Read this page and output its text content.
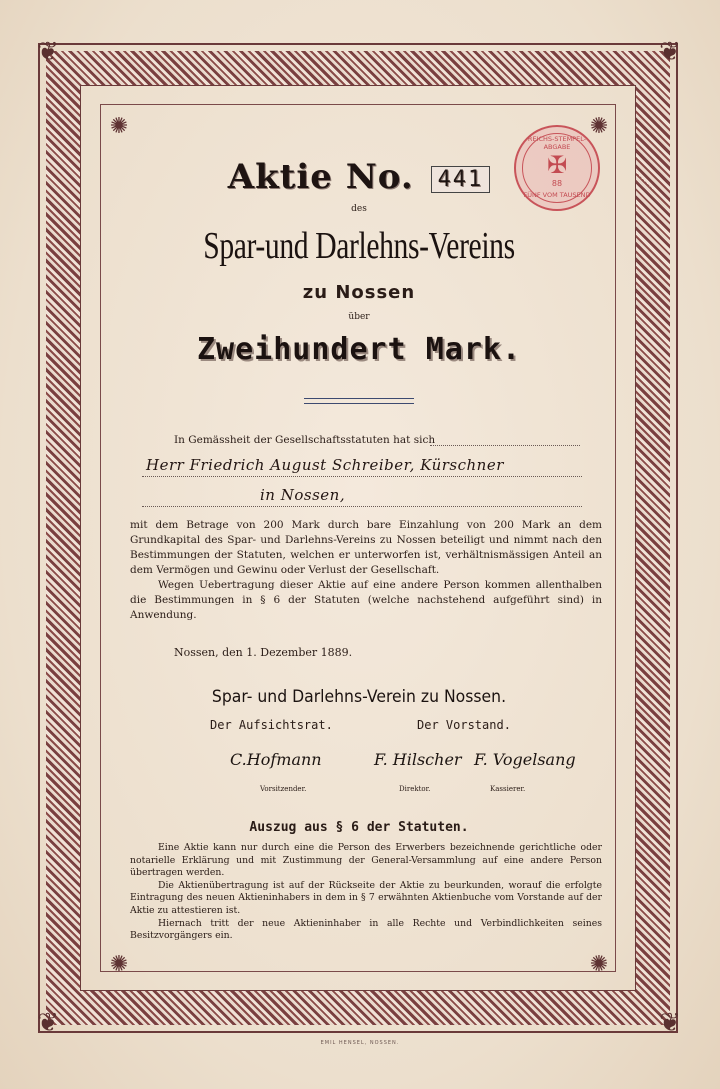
❦	❦
❦	❦
✺	✺
✺	✺
Aktie No. 441
des
Spar-und Darlehns-Vereins
zu Nossen
über
Zweihundert Mark.
REICHS-STEMPEL-ABGABE
✠
88
FÜNF VOM TAUSEND
In Gemässheit der Gesellschaftsstatuten hat sich
Herr Friedrich August Schreiber, Kürschner
in Nossen,
mit dem Betrage von 200 Mark durch bare Einzahlung von 200 Mark an dem Grundkapital des Spar- und Darlehns-Vereins zu Nossen beteiligt und nimmt nach den Bestimmungen der Statuten, welchen er unterworfen ist, verhältnismässigen Anteil an dem Vermögen und Gewinu oder Verlust der Gesellschaft.
Wegen Uebertragung dieser Aktie auf eine andere Person kommen allenthalben die Bestimmungen in § 6 der Statuten (welche nachstehend aufgeführt sind) in Anwendung.
Nossen, den 1. Dezember 1889.
Spar- und Darlehns-Verein zu Nossen.
Der Aufsichtsrat.	Der Vorstand.
C.Hofmann	F. Hilscher F. Vogelsang
Vorsitzender.	Direktor.	Kassierer.
Auszug aus § 6 der Statuten.
Eine Aktie kann nur durch eine die Person des Erwerbers bezeichnende gerichtliche oder notarielle Erklärung und mit Zustimmung der General-Versammlung auf eine andere Person übertragen werden.
Die Aktienübertragung ist auf der Rückseite der Aktie zu beurkunden, worauf die erfolgte Eintragung des neuen Aktieninhabers in dem in § 7 erwähnten Aktienbuche vom Vorstande auf der Aktie zu attestieren ist.
Hiernach tritt der neue Aktieninhaber in alle Rechte und Verbindlichkeiten seines Besitzvorgängers ein.
EMIL HENSEL, NOSSEN.
